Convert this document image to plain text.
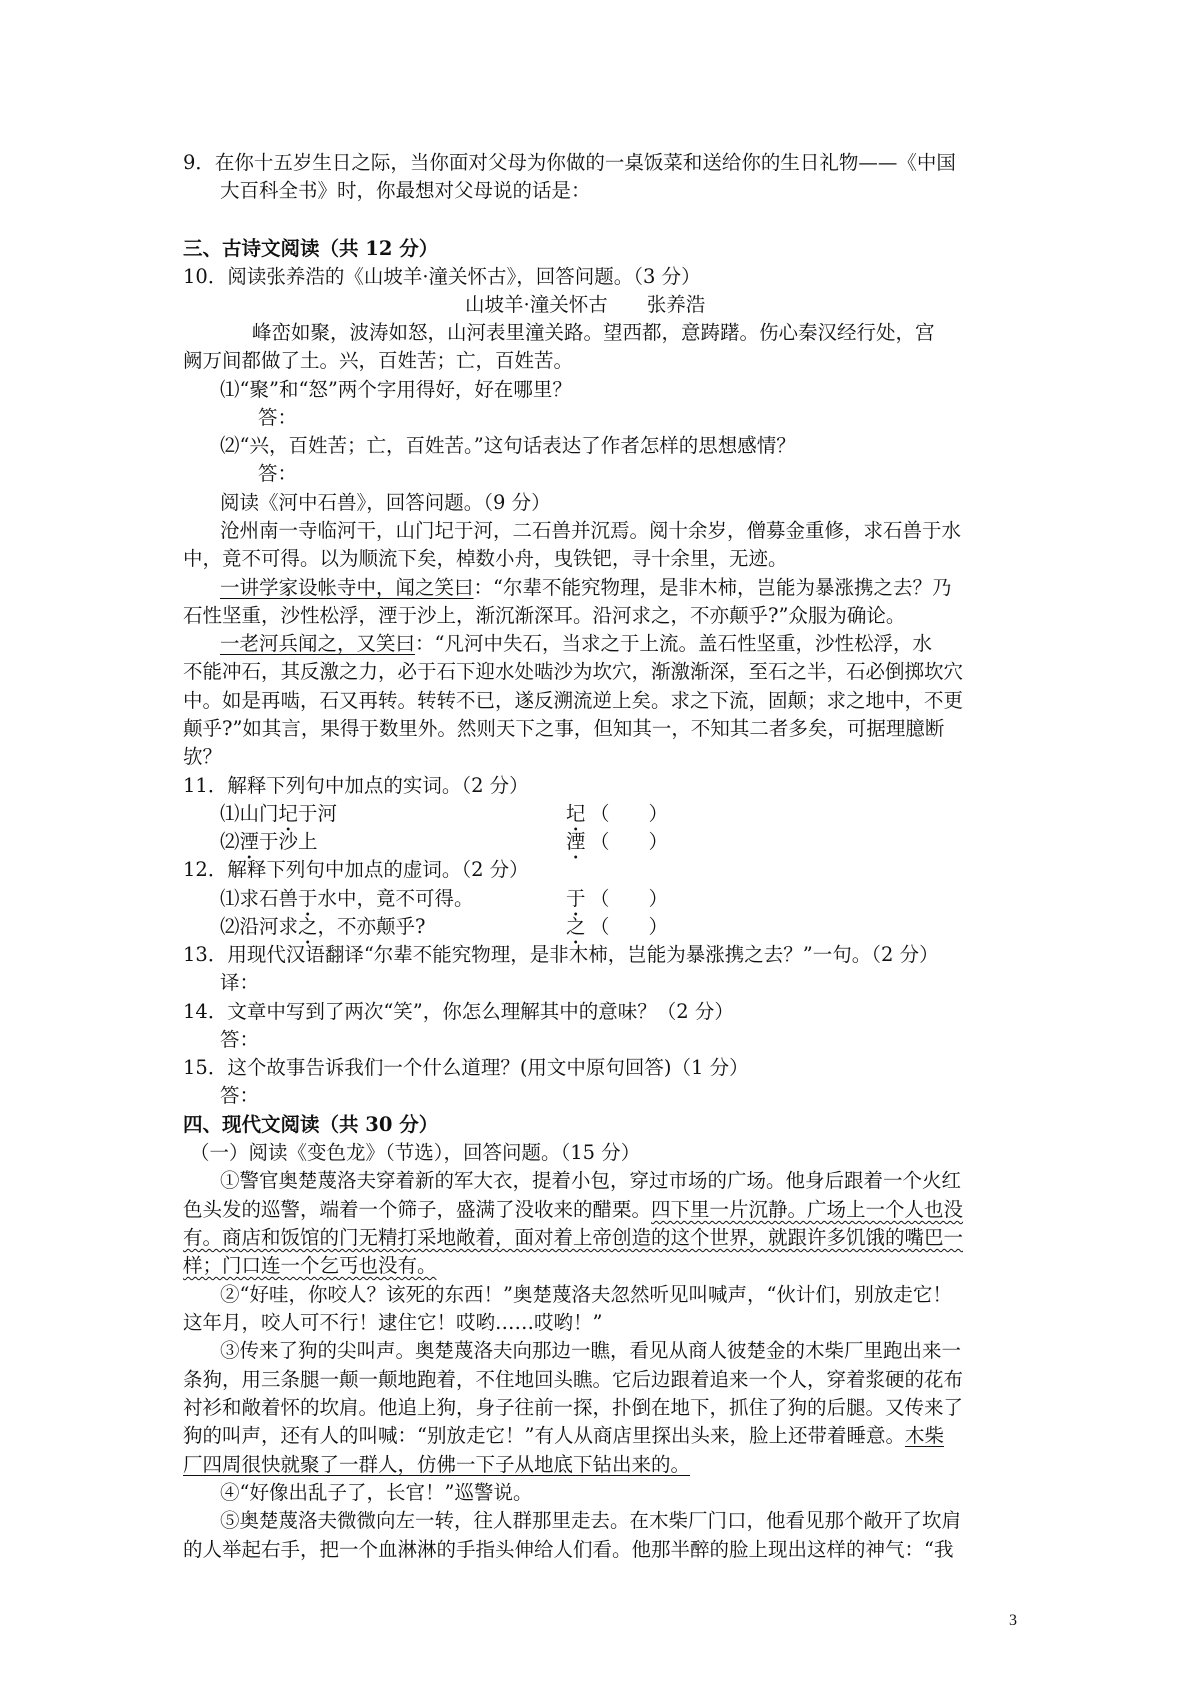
9．在你十五岁生日之际，当你面对父母为你做的一桌饭菜和送给你的生日礼物——《中国
大百科全书》时，你最想对父母说的话是：
三、古诗文阅读（共 12 分）
10．阅读张养浩的《山坡羊·潼关怀古》，回答问题。（3 分）
山坡羊·潼关怀古　　张养浩
峰峦如聚，波涛如怒，山河表里潼关路。望西都，意踌躇。伤心秦汉经行处，宫
阙万间都做了土。兴，百姓苦；亡，百姓苦。
⑴“聚”和“怒”两个字用得好，好在哪里？
答：
⑵“兴，百姓苦；亡，百姓苦。”这句话表达了作者怎样的思想感情？
答：
阅读《河中石兽》，回答问题。（9 分）
沧州南一寺临河干，山门圮于河，二石兽并沉焉。阅十余岁，僧募金重修，求石兽于水
中，竟不可得。以为顺流下矣，棹数小舟，曳铁钯，寻十余里，无迹。
一讲学家设帐寺中，闻之笑曰：“尔辈不能究物理，是非木柿，岂能为暴涨携之去？乃
石性坚重，沙性松浮，湮于沙上，渐沉渐深耳。沿河求之，不亦颠乎?”众服为确论。
一老河兵闻之，又笑曰：“凡河中失石，当求之于上流。盖石性坚重，沙性松浮，水
不能冲石，其反激之力，必于石下迎水处啮沙为坎穴，渐激渐深，至石之半，石必倒掷坎穴
中。如是再啮，石又再转。转转不已，遂反溯流逆上矣。求之下流，固颠；求之地中，不更
颠乎?”如其言，果得于数里外。然则天下之事，但知其一，不知其二者多矣，可据理臆断
欤？
11．解释下列句中加点的实词。（2 分）
⑴山门圮于河	圮 （　　）
⑵湮于沙上	湮 （　　）
12．解释下列句中加点的虚词。（2 分）
⑴求石兽于水中，竟不可得。	于 （　　）
⑵沿河求之，不亦颠乎?	之 （　　）
13．用现代汉语翻译“尔辈不能究物理，是非木柿，岂能为暴涨携之去？”一句。（2 分）
译：
14．文章中写到了两次“笑”，你怎么理解其中的意味？（2 分）
答：
15．这个故事告诉我们一个什么道理？(用文中原句回答)（1 分）
答：
四、现代文阅读（共 30 分）
（一）阅读《变色龙》（节选），回答问题。（15 分）
①警官奥楚蔑洛夫穿着新的军大衣，提着小包，穿过市场的广场。他身后跟着一个火红
色头发的巡警，端着一个筛子，盛满了没收来的醋栗。四下里一片沉静。广场上一个人也没
有。商店和饭馆的门无精打采地敞着，面对着上帝创造的这个世界，就跟许多饥饿的嘴巴一
样；门口连一个乞丐也没有。
②“好哇，你咬人？该死的东西！”奥楚蔑洛夫忽然听见叫喊声，“伙计们，别放走它！
这年月，咬人可不行！逮住它！哎哟……哎哟！”
③传来了狗的尖叫声。奥楚蔑洛夫向那边一瞧，看见从商人彼楚金的木柴厂里跑出来一
条狗，用三条腿一颠一颠地跑着，不住地回头瞧。它后边跟着追来一个人，穿着浆硬的花布
衬衫和敞着怀的坎肩。他追上狗，身子往前一探，扑倒在地下，抓住了狗的后腿。又传来了
狗的叫声，还有人的叫喊：“别放走它！”有人从商店里探出头来，脸上还带着睡意。木柴
厂四周很快就聚了一群人，仿佛一下子从地底下钻出来的。
④“好像出乱子了，长官！”巡警说。
⑤奥楚蔑洛夫微微向左一转，往人群那里走去。在木柴厂门口，他看见那个敞开了坎肩
的人举起右手，把一个血淋淋的手指头伸给人们看。他那半醉的脸上现出这样的神气：“我
3
